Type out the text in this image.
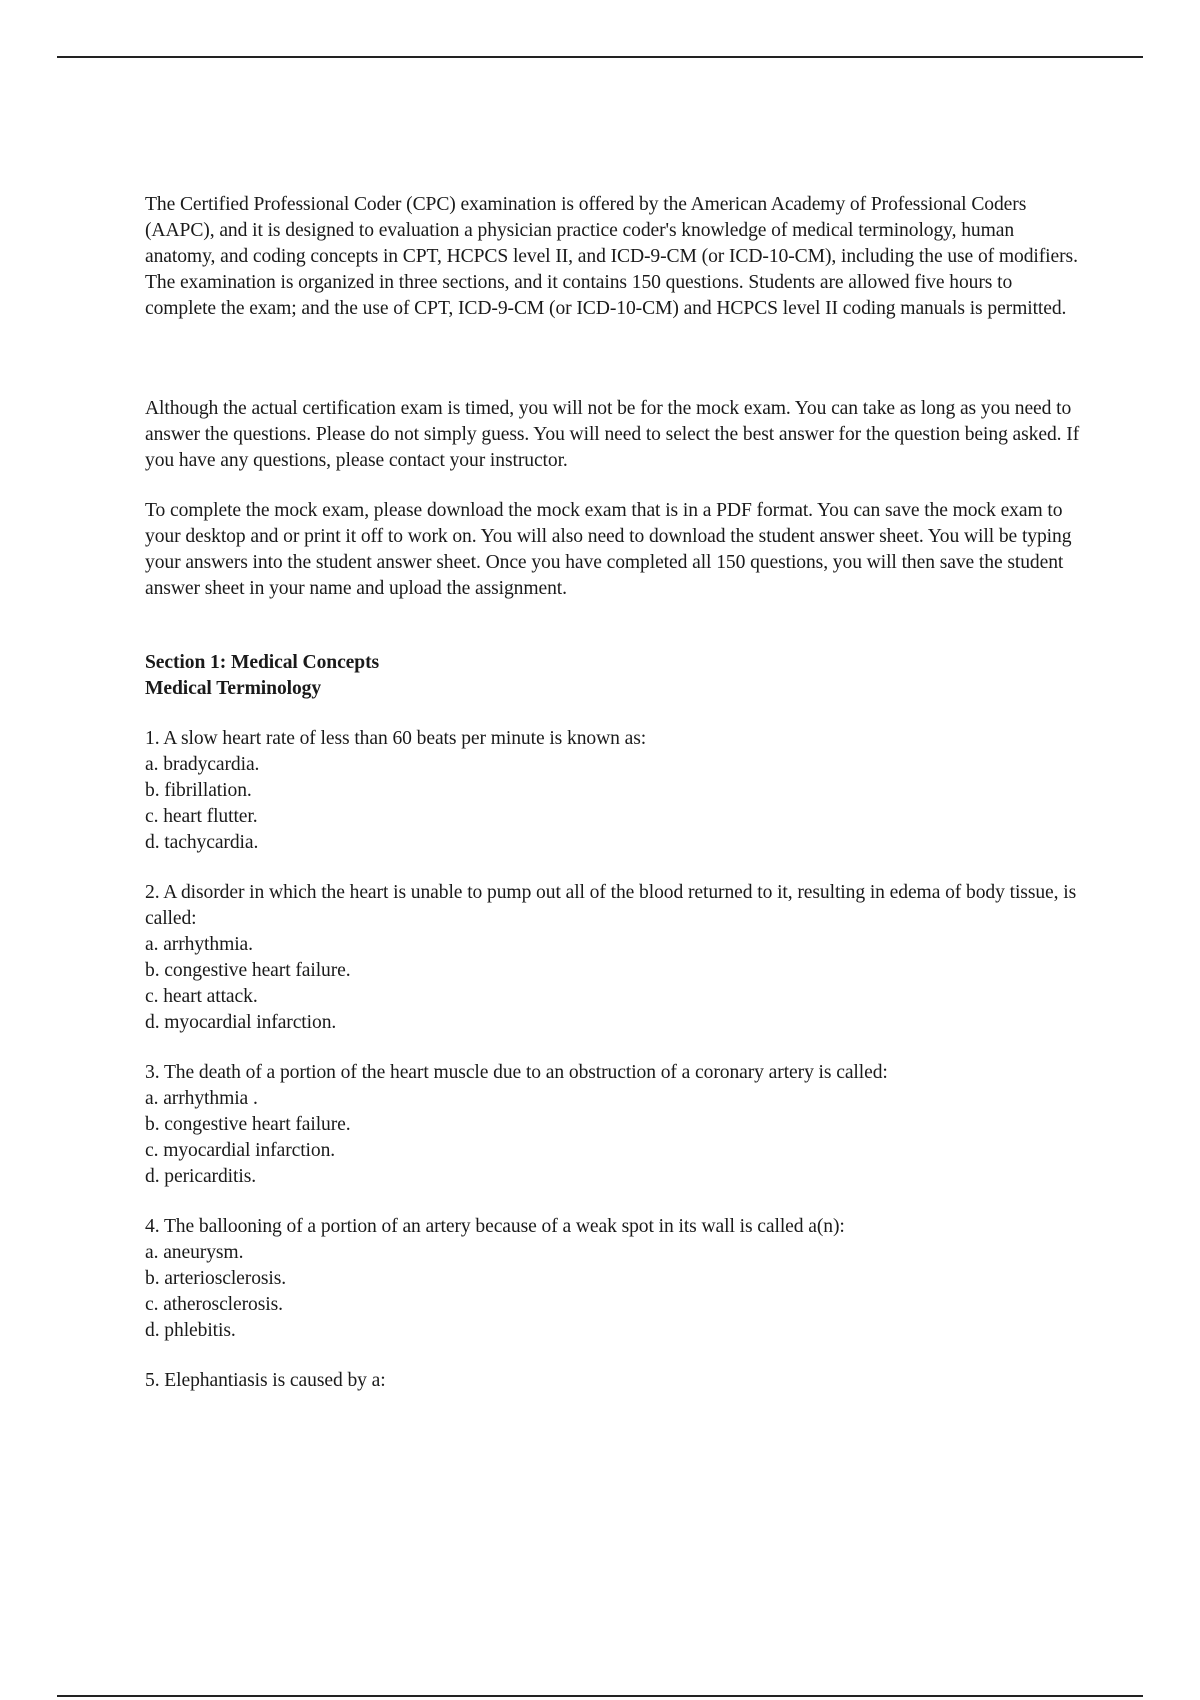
The Certified Professional Coder (CPC) examination is offered by the American Academy of Professional Coders (AAPC), and it is designed to evaluation a physician practice coder's knowledge of medical terminology, human anatomy, and coding concepts in CPT, HCPCS level II, and ICD-9-CM (or ICD-10-CM), including the use of modifiers. The examination is organized in three sections, and it contains 150 questions. Students are allowed five hours to complete the exam; and the use of CPT, ICD-9-CM (or ICD-10-CM) and HCPCS level II coding manuals is permitted.

Although the actual certification exam is timed, you will not be for the mock exam. You can take as long as you need to answer the questions. Please do not simply guess. You will need to select the best answer for the question being asked. If you have any questions, please contact your instructor.

To complete the mock exam, please download the mock exam that is in a PDF format. You can save the mock exam to your desktop and or print it off to work on. You will also need to download the student answer sheet. You will be typing your answers into the student answer sheet. Once you have completed all 150 questions, you will then save the student answer sheet in your name and upload the assignment.

Section 1: Medical Concepts

Medical Terminology

1. A slow heart rate of less than 60 beats per minute is known as:

a. bradycardia.
b. fibrillation.
c. heart flutter.
d. tachycardia.

2. A disorder in which the heart is unable to pump out all of the blood returned to it, resulting in edema of body tissue, is called:

a. arrhythmia.
b. congestive heart failure.
c. heart attack.
d. myocardial infarction.

3. The death of a portion of the heart muscle due to an obstruction of a coronary artery is called:

a. arrhythmia .
b. congestive heart failure.
c. myocardial infarction.
d. pericarditis.

4. The ballooning of a portion of an artery because of a weak spot in its wall is called a(n):

a. aneurysm.
b. arteriosclerosis.
c. atherosclerosis.
d. phlebitis.

5. Elephantiasis is caused by a:
